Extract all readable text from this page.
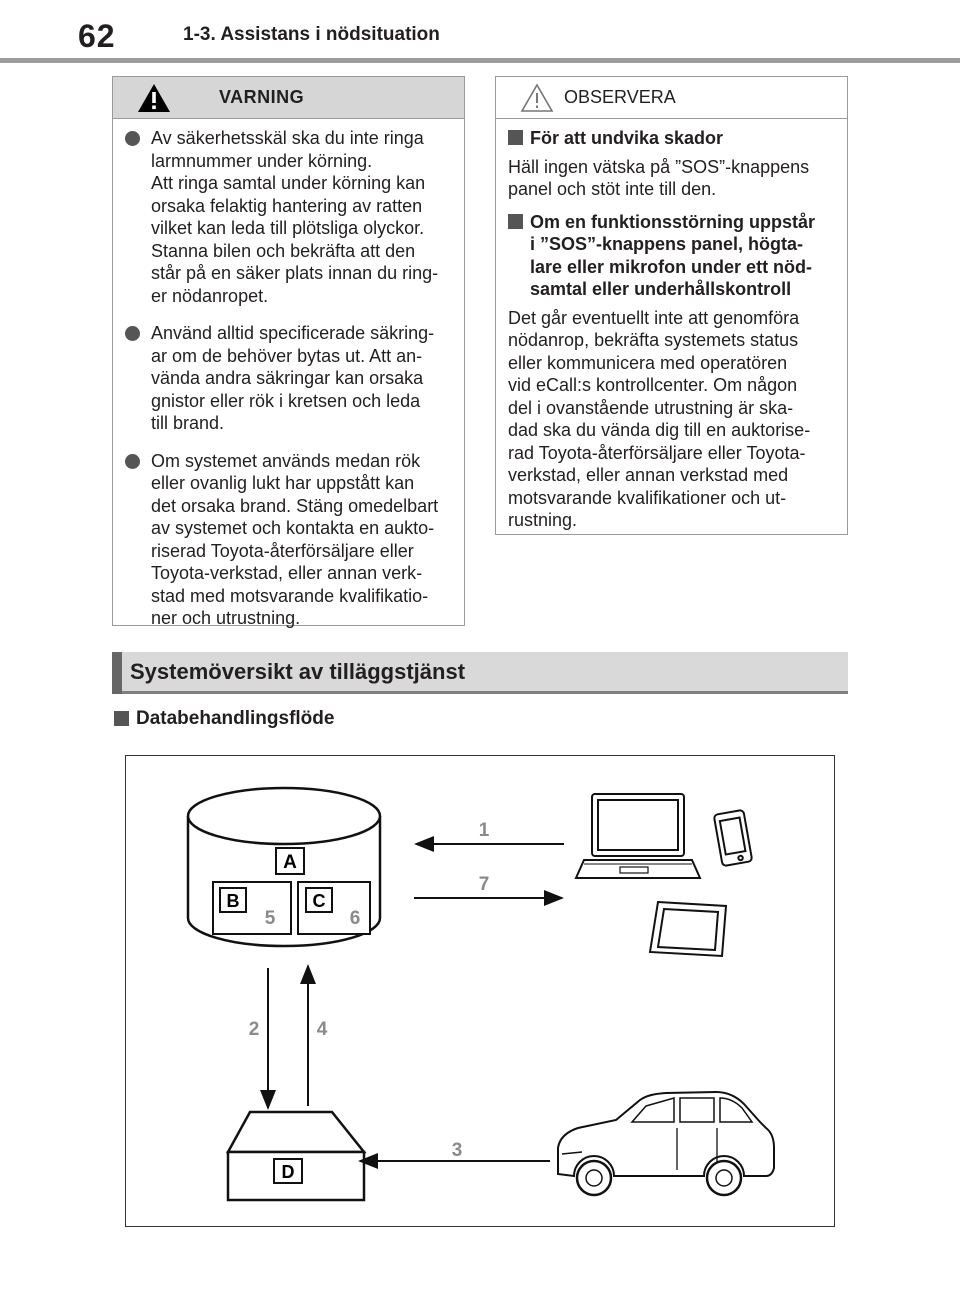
62	1-3. Assistans i nödsituation
VARNING
Av säkerhetsskäl ska du inte ringa
larmnummer under körning.
Att ringa samtal under körning kan
orsaka felaktig hantering av ratten
vilket kan leda till plötsliga olyckor.
Stanna bilen och bekräfta att den
står på en säker plats innan du ring-
er nödanropet.
Använd alltid specificerade säkring-
ar om de behöver bytas ut. Att an-
vända andra säkringar kan orsaka
gnistor eller rök i kretsen och leda
till brand.
Om systemet används medan rök
eller ovanlig lukt har uppstått kan
det orsaka brand. Stäng omedelbart
av systemet och kontakta en aukto-
riserad Toyota-återförsäljare eller
Toyota-verkstad, eller annan verk-
stad med motsvarande kvalifikatio-
ner och utrustning.
OBSERVERA
För att undvika skador
Häll ingen vätska på ”SOS”-knappens
panel och stöt inte till den.
Om en funktionsstörning uppstår
i ”SOS”-knappens panel, högta-
lare eller mikrofon under ett nöd-
samtal eller underhållskontroll
Det går eventuellt inte att genomföra
nödanrop, bekräfta systemets status
eller kommunicera med operatören
vid eCall:s kontrollcenter. Om någon
del i ovanstående utrustning är ska-
dad ska du vända dig till en auktorise-
rad Toyota-återförsäljare eller Toyota-
verkstad, eller annan verkstad med
motsvarande kvalifikationer och ut-
rustning.
Systemöversikt av tilläggstjänst
Databehandlingsflöde
A
B
5
C
6
1
7
2	4
D
3
